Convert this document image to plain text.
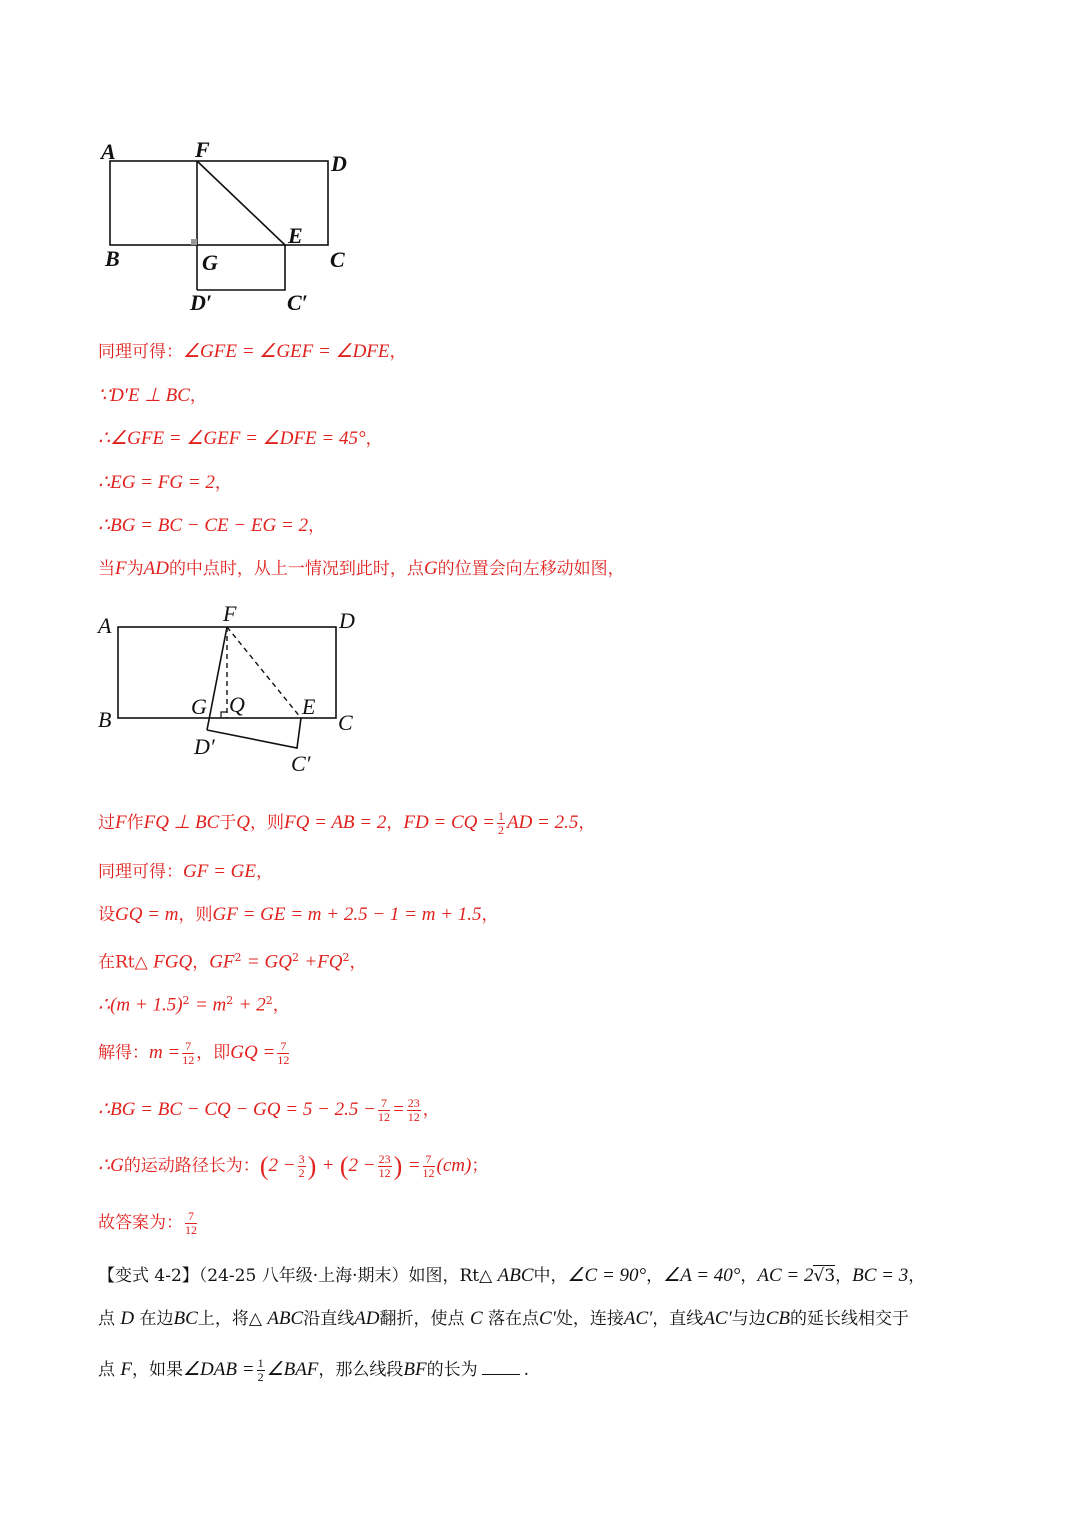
A	F
D
B	G
E
C
D′	C′
同理可得：∠GFE = ∠GEF = ∠DFE，
∵D′E ⊥ BC，
∴∠GFE = ∠GEF = ∠DFE = 45°，
∴EG = FG = 2，
∴BG = BC − CE − EG = 2，
当F为AD的中点时，从上一情况到此时，点G的位置会向左移动如图，
A	F	D
B
G Q	E
C
D′
C′
过F作FQ ⊥ BC于Q，则FQ = AB = 2，FD = CQ = $\frac{1}{2}$ AD = 2.5，
同理可得：GF = GE，
设GQ = m，则GF = GE = m + 2.5 − 1 = m + 1.5，
在Rt△ FGQ，$GF^2 = GQ^2 +FQ^2$，
∴(m + $1.5)^2 = m^2 + 2^2$，
解得：$m = \frac{7}{12}$ ，即GQ = $\frac{7}{12}$
∴BG = BC − CQ − GQ = $5 - 2.5 - \frac{7}{12} = \frac{23}{12}$ ，
∴G的运动路径长为：($2 - \frac{3}{2}$ ) + ($2 - \frac{23}{12}$ ) = $\frac{7}{12} (cm)$；
故答案为： $\frac{7}{12}$
【变式 4-2】（24-25 八年级·上海·期末）如图，Rt△ ABC中，∠C = 90°，∠A = 40°，AC = 2√3，BC = 3，
点 D 在边BC上，将△ ABC沿直线AD翻折，使点 C 落在点C′处，连接AC′，直线AC′与边CB的延长线相交于
点 F，如果∠DAB = $\frac{1}{2}$ ∠BAF，那么线段BF的长为	.
